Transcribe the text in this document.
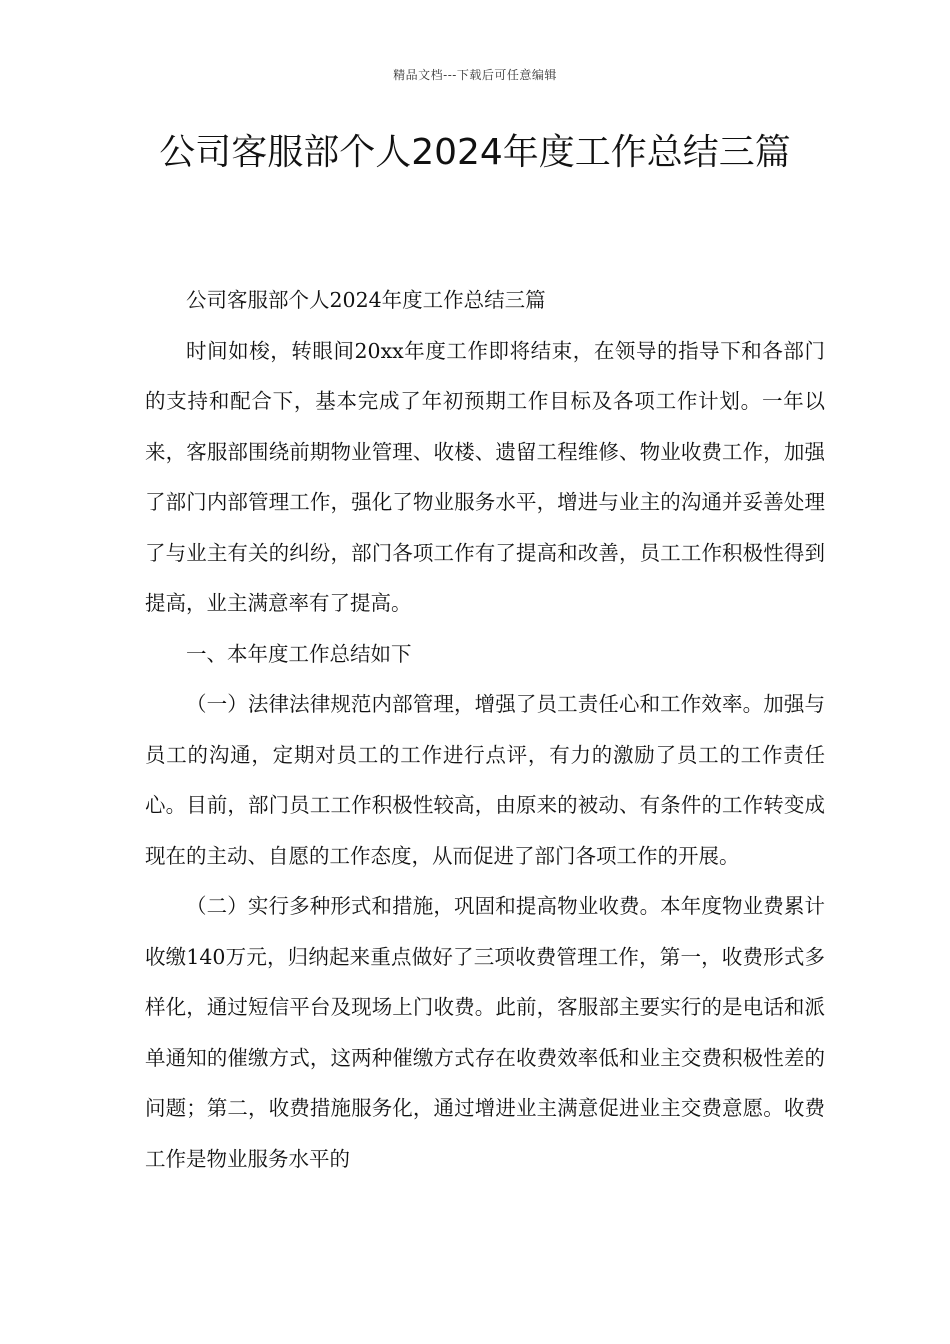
精品文档---下载后可任意编辑
公司客服部个人2024年度工作总结三篇

公司客服部个人2024年度工作总结三篇

时间如梭，转眼间20xx年度工作即将结束，在领导的指导下和各部门的支持和配合下，基本完成了年初预期工作目标及各项工作计划。一年以来，客服部围绕前期物业管理、收楼、遗留工程维修、物业收费工作，加强了部门内部管理工作，强化了物业服务水平，增进与业主的沟通并妥善处理了与业主有关的纠纷，部门各项工作有了提高和改善，员工工作积极性得到提高，业主满意率有了提高。

一、本年度工作总结如下

（一）法律法律规范内部管理，增强了员工责任心和工作效率。加强与员工的沟通，定期对员工的工作进行点评，有力的激励了员工的工作责任心。目前，部门员工工作积极性较高，由原来的被动、有条件的工作转变成现在的主动、自愿的工作态度，从而促进了部门各项工作的开展。

（二）实行多种形式和措施，巩固和提高物业收费。本年度物业费累计收缴140万元，归纳起来重点做好了三项收费管理工作，第一，收费形式多样化，通过短信平台及现场上门收费。此前，客服部主要实行的是电话和派单通知的催缴方式，这两种催缴方式存在收费效率低和业主交费积极性差的问题；第二，收费措施服务化，通过增进业主满意促进业主交费意愿。收费工作是物业服务水平的
